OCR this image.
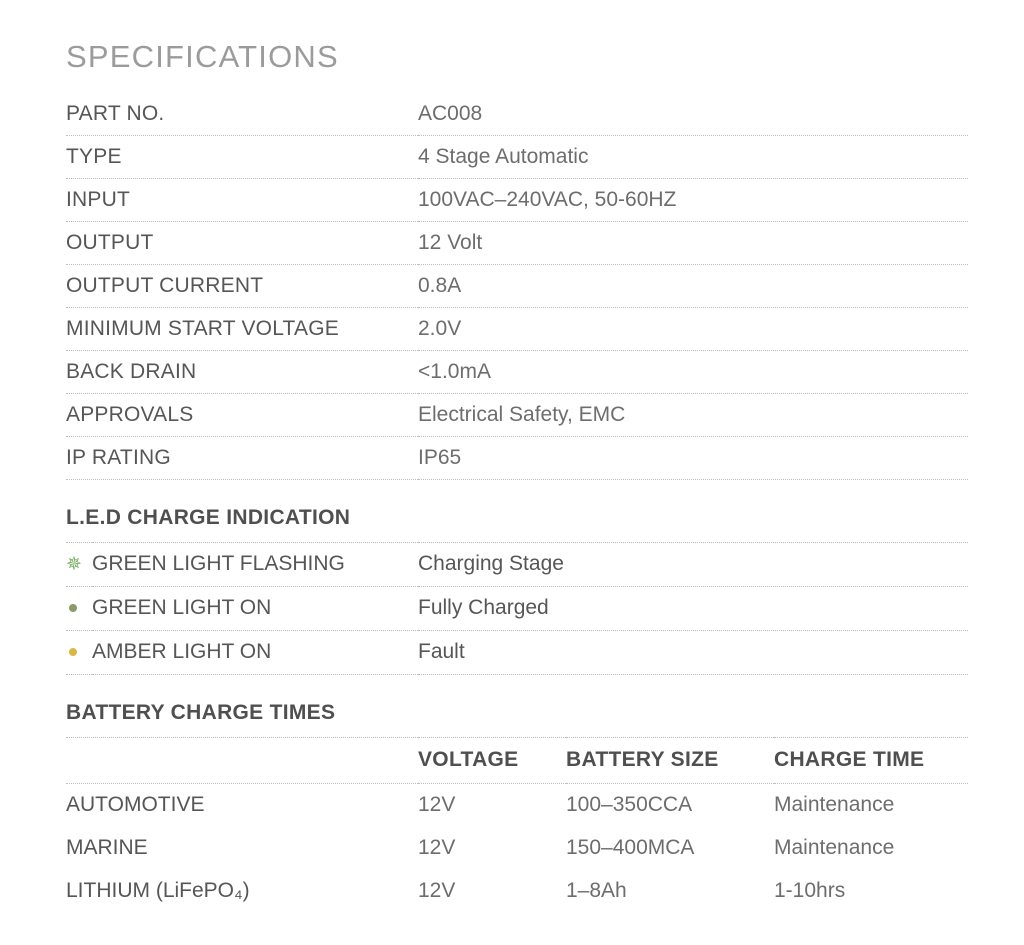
SPECIFICATIONS
PART NO.	AC008
TYPE	4 Stage Automatic
INPUT	100VAC–240VAC, 50-60HZ
OUTPUT	12 Volt
OUTPUT CURRENT	0.8A
MINIMUM START VOLTAGE	2.0V
BACK DRAIN	<1.0mA
APPROVALS	Electrical Safety, EMC
IP RATING	IP65
L.E.D CHARGE INDICATION
✵	GREEN LIGHT FLASHING	Charging Stage
	GREEN LIGHT ON	Fully Charged
	AMBER LIGHT ON	Fault
BATTERY CHARGE TIMES
	VOLTAGE	BATTERY SIZE	CHARGE TIME
AUTOMOTIVE	12V	100–350CCA	Maintenance
MARINE	12V	150–400MCA	Maintenance
LITHIUM (LiFePO₄)	12V	1–8Ah	1-10hrs
